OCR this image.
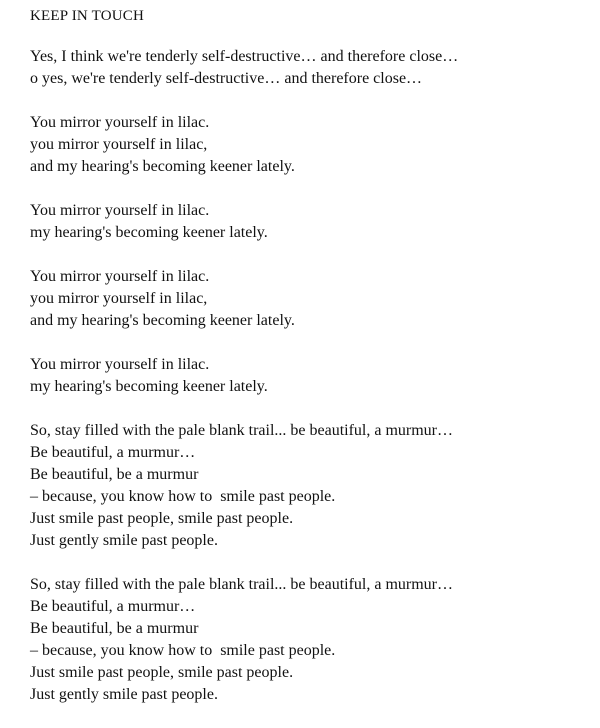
KEEP IN TOUCH
Yes, I think we're tenderly self-destructive… and therefore close…
o yes, we're tenderly self-destructive… and therefore close…
You mirror yourself in lilac.
you mirror yourself in lilac,
and my hearing's becoming keener lately.
You mirror yourself in lilac.
my hearing's becoming keener lately.
You mirror yourself in lilac.
you mirror yourself in lilac,
and my hearing's becoming keener lately.
You mirror yourself in lilac.
my hearing's becoming keener lately.
So, stay filled with the pale blank trail... be beautiful, a murmur…
Be beautiful, a murmur…
Be beautiful, be a murmur
– because, you know how to  smile past people.
Just smile past people, smile past people.
Just gently smile past people.
So, stay filled with the pale blank trail... be beautiful, a murmur…
Be beautiful, a murmur…
Be beautiful, be a murmur
– because, you know how to  smile past people.
Just smile past people, smile past people.
Just gently smile past people.
